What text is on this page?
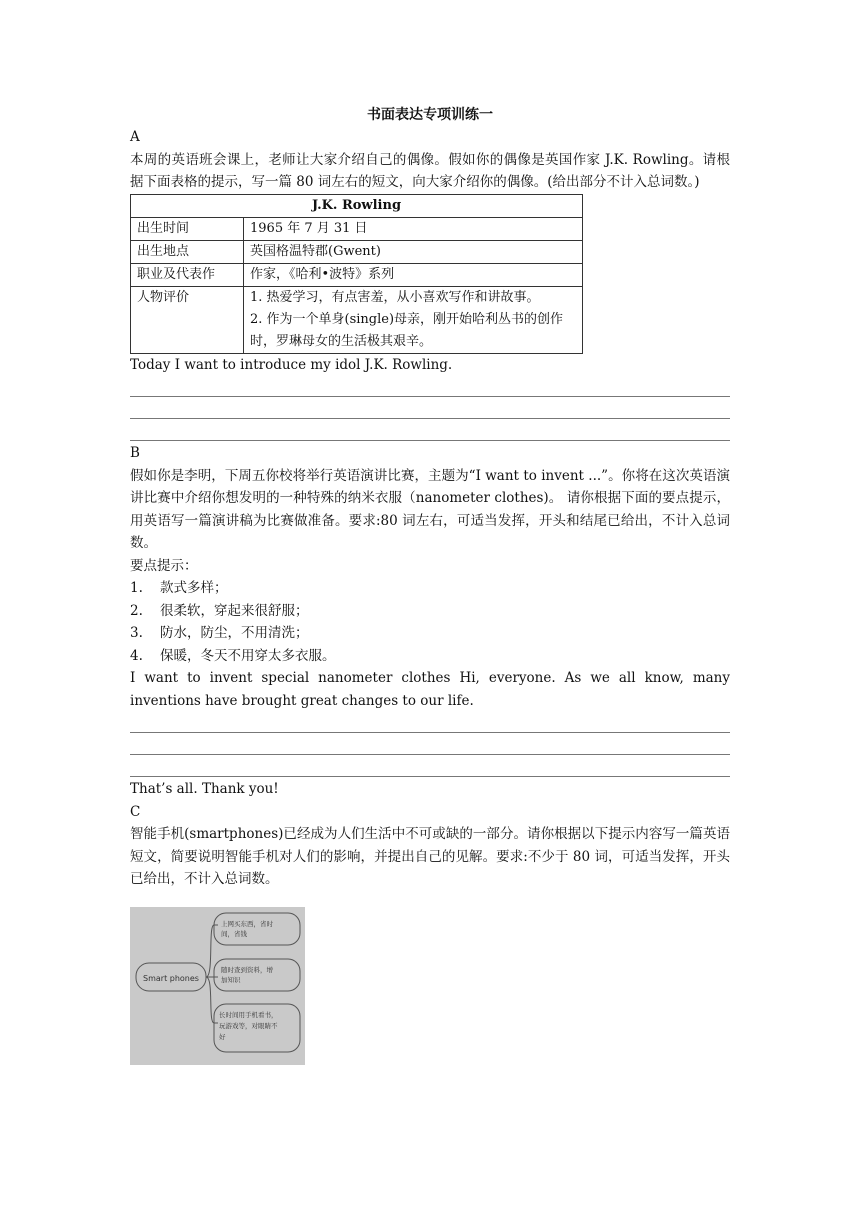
书面表达专项训练一

A

本周的英语班会课上，老师让大家介绍自己的偶像。假如你的偶像是英国作家 J.K. Rowling。请根据下面表格的提示，写一篇 80 词左右的短文，向大家介绍你的偶像。(给出部分不计入总词数。)

J.K. Rowling	
出生时间	1965 年 7 月 31 日
出生地点	英国格温特郡(Gwent)
职业及代表作	作家，《哈利•波特》系列
人物评价	1. 热爱学习，有点害羞，从小喜欢写作和讲故事。
2. 作为一个单身(single)母亲，刚开始哈利丛书的创作时，罗琳母女的生活极其艰辛。

Today I want to introduce my idol J.K. Rowling.

B

假如你是李明，下周五你校将举行英语演讲比赛，主题为“I want to invent ...”。你将在这次英语演讲比赛中介绍你想发明的一种特殊的纳米衣服（nanometer clothes)。 请你根据下面的要点提示，用英语写一篇演讲稿为比赛做准备。要求:80 词左右，可适当发挥，开头和结尾已给出，不计入总词数。

要点提示：

1. 款式多样；
2. 很柔软，穿起来很舒服；
3. 防水，防尘，不用清洗；
4. 保暖，冬天不用穿太多衣服。

I want to invent special nanometer clothes Hi, everyone. As we all know, many inventions have brought great changes to our life.

That’s all. Thank you!

C

智能手机(smartphones)已经成为人们生活中不可或缺的一部分。请你根据以下提示内容写一篇英语短文，简要说明智能手机对人们的影响，并提出自己的见解。要求:不少于 80 词，可适当发挥，开头已给出，不计入总词数。

Smart phones
上网买东西，省时
间，省钱
随时查到资料，增
加知识
长时间用手机看书，
玩游戏等，对眼睛不
好
